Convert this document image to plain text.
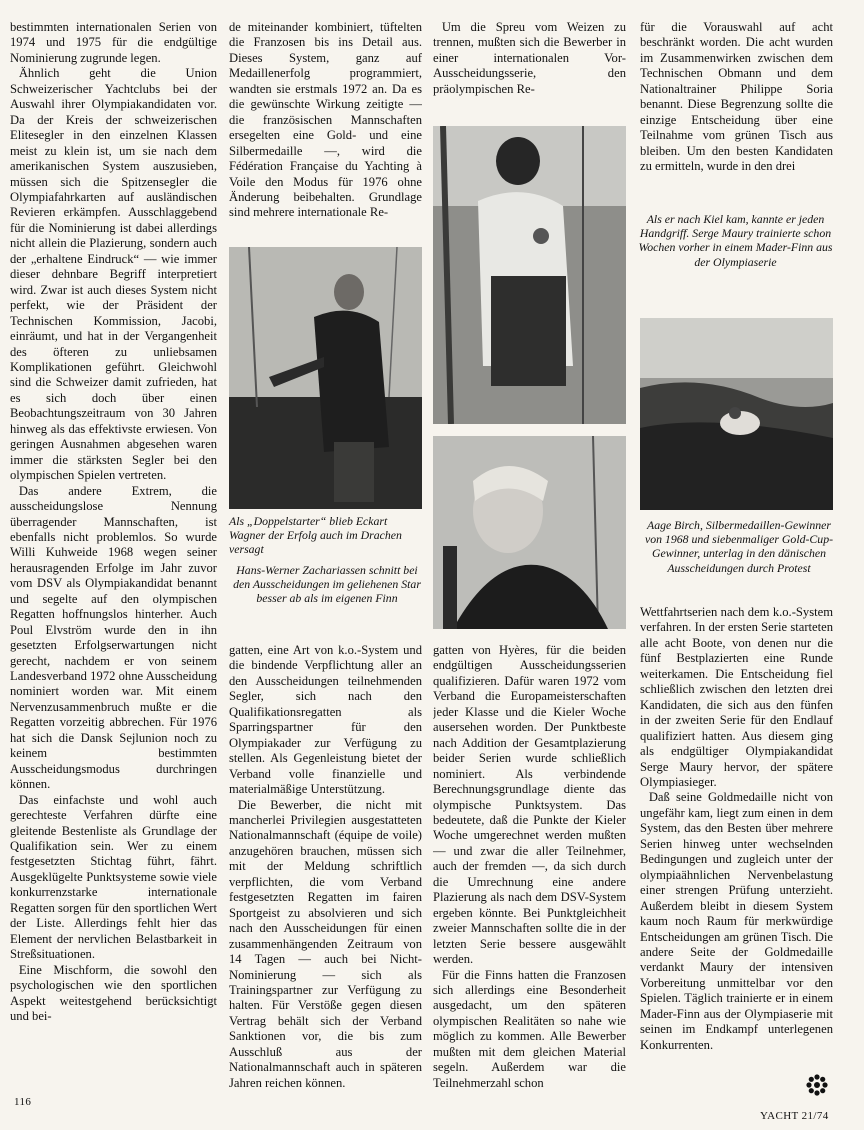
bestimmten internationalen Serien von 1974 und 1975 für die endgültige Nominierung zugrunde legen.

Ähnlich geht die Union Schweizerischer Yachtclubs bei der Auswahl ihrer Olympiakandidaten vor. Da der Kreis der schweizerischen Elitesegler in den einzelnen Klassen meist zu klein ist, um sie nach dem amerikanischen System auszusieben, müssen sich die Spitzensegler die Olympiafahrkarten auf ausländischen Revieren erkämpfen. Ausschlaggebend für die Nominierung ist dabei allerdings nicht allein die Plazierung, sondern auch der „erhaltene Eindruck“ — wie immer dieser dehnbare Begriff interpretiert wird. Zwar ist auch dieses System nicht perfekt, wie der Präsident der Technischen Kommission, Jacobi, einräumt, und hat in der Vergangenheit des öfteren zu unliebsamen Komplikationen geführt. Gleichwohl sind die Schweizer damit zufrieden, hat es sich doch über einen Beobachtungszeitraum von 30 Jahren hinweg als das effektivste erwiesen. Von geringen Ausnahmen abgesehen waren immer die stärksten Segler bei den olympischen Spielen vertreten.

Das andere Extrem, die ausscheidungslose Nennung überragender Mannschaften, ist ebenfalls nicht problemlos. So wurde Willi Kuhweide 1968 wegen seiner herausragenden Erfolge im Jahr zuvor vom DSV als Olympiakandidat benannt und segelte auf den olympischen Regatten hoffnungslos hinterher. Auch Poul Elvström wurde den in ihn gesetzten Erfolgserwartungen nicht gerecht, nachdem er von seinem Landesverband 1972 ohne Ausscheidung nominiert worden war. Mit einem Nervenzusammenbruch mußte er die Regatten vorzeitig abbrechen. Für 1976 hat sich die Dansk Sejlunion noch zu keinem bestimmten Ausscheidungsmodus durchringen können.

Das einfachste und wohl auch gerechteste Verfahren dürfte eine gleitende Bestenliste als Grundlage der Qualifikation sein. Wer zu einem festgesetzten Stichtag führt, fährt. Ausgeklügelte Punktsysteme sowie viele konkurrenzstarke internationale Regatten sorgen für den sportlichen Wert der Liste. Allerdings fehlt hier das Element der nervlichen Belastbarkeit in Streßsituationen.

Eine Mischform, die sowohl den psychologischen wie den sportlichen Aspekt weitestgehend berücksichtigt und bei-

de miteinander kombiniert, tüftelten die Franzosen bis ins Detail aus. Dieses System, ganz auf Medaillenerfolg programmiert, wandten sie erstmals 1972 an. Da es die gewünschte Wirkung zeitigte — die französischen Mannschaften ersegelten eine Gold- und eine Silbermedaille —, wird die Fédération Française du Yachting à Voile den Modus für 1976 ohne Änderung beibehalten. Grundlage sind mehrere internationale Re-

Als „Doppelstarter“ blieb Eckart Wagner der Erfolg auch im Drachen versagt
Hans-Werner Zachariassen schnitt bei den Ausscheidungen im geliehenen Star besser ab als im eigenen Finn

gatten, eine Art von k.o.-System und die bindende Verpflichtung aller an den Ausscheidungen teilnehmenden Segler, sich nach den Qualifikationsregatten als Sparringspartner für den Olympiakader zur Verfügung zu stellen. Als Gegenleistung bietet der Verband volle finanzielle und materialmäßige Unterstützung.

Die Bewerber, die nicht mit mancherlei Privilegien ausgestatteten Nationalmannschaft (équipe de voile) anzugehören brauchen, müssen sich mit der Meldung schriftlich verpflichten, die vom Verband festgesetzten Regatten im fairen Sportgeist zu absolvieren und sich nach den Ausscheidungen für einen zusammenhängenden Zeitraum von 14 Tagen — auch bei Nicht-Nominierung — sich als Trainingspartner zur Verfügung zu halten. Für Verstöße gegen diesen Vertrag behält sich der Verband Sanktionen vor, die bis zum Ausschluß aus der Nationalmannschaft auch in späteren Jahren reichen können.

Um die Spreu vom Weizen zu trennen, mußten sich die Bewerber in einer internationalen Vor-Ausscheidungsserie, den präolympischen Re-

gatten von Hyères, für die beiden endgültigen Ausscheidungsserien qualifizieren. Dafür waren 1972 vom Verband die Europameisterschaften jeder Klasse und die Kieler Woche ausersehen worden. Der Punktbeste nach Addition der Gesamtplazierung beider Serien wurde schließlich nominiert. Als verbindende Berechnungsgrundlage diente das olympische Punktsystem. Das bedeutete, daß die Punkte der Kieler Woche umgerechnet werden mußten — und zwar die aller Teilnehmer, auch der fremden —, da sich durch die Umrechnung eine andere Plazierung als nach dem DSV-System ergeben könnte. Bei Punktgleichheit zweier Mannschaften sollte die in der letzten Serie bessere ausgewählt werden.

Für die Finns hatten die Franzosen sich allerdings eine Besonderheit ausgedacht, um den späteren olympischen Realitäten so nahe wie möglich zu kommen. Alle Bewerber mußten mit dem gleichen Material segeln. Außerdem war die Teilnehmerzahl schon

für die Vorauswahl auf acht beschränkt worden. Die acht wurden im Zusammenwirken zwischen dem Technischen Obmann und dem Nationaltrainer Philippe Soria benannt. Diese Begrenzung sollte die einzige Entscheidung über eine Teilnahme vom grünen Tisch aus bleiben. Um den besten Kandidaten zu ermitteln, wurde in den drei

Als er nach Kiel kam, kannte er jeden Handgriff. Serge Maury trainierte schon Wochen vorher in einem Mader-Finn aus der Olympiaserie
Aage Birch, Silbermedaillen-Gewinner von 1968 und siebenmaliger Gold-Cup-Gewinner, unterlag in den dänischen Ausscheidungen durch Protest

Wettfahrtserien nach dem k.o.-System verfahren. In der ersten Serie starteten alle acht Boote, von denen nur die fünf Bestplazierten eine Runde weiterkamen. Die Entscheidung fiel schließlich zwischen den letzten drei Kandidaten, die sich aus den fünfen in der zweiten Serie für den Endlauf qualifiziert hatten. Aus diesem ging als endgültiger Olympiakandidat Serge Maury hervor, der spätere Olympiasieger.

Daß seine Goldmedaille nicht von ungefähr kam, liegt zum einen in dem System, das den Besten über mehrere Serien hinweg unter wechselnden Bedingungen und zugleich unter der olympiaähnlichen Nervenbelastung einer strengen Prüfung unterzieht. Außerdem bleibt in diesem System kaum noch Raum für merkwürdige Entscheidungen am grünen Tisch. Die andere Seite der Goldmedaille verdankt Maury der intensiven Vorbereitung unmittelbar vor den Spielen. Täglich trainierte er in einem Mader-Finn aus der Olympiaserie mit seinen im Endkampf unterlegenen Konkurrenten.

116
YACHT 21/74
